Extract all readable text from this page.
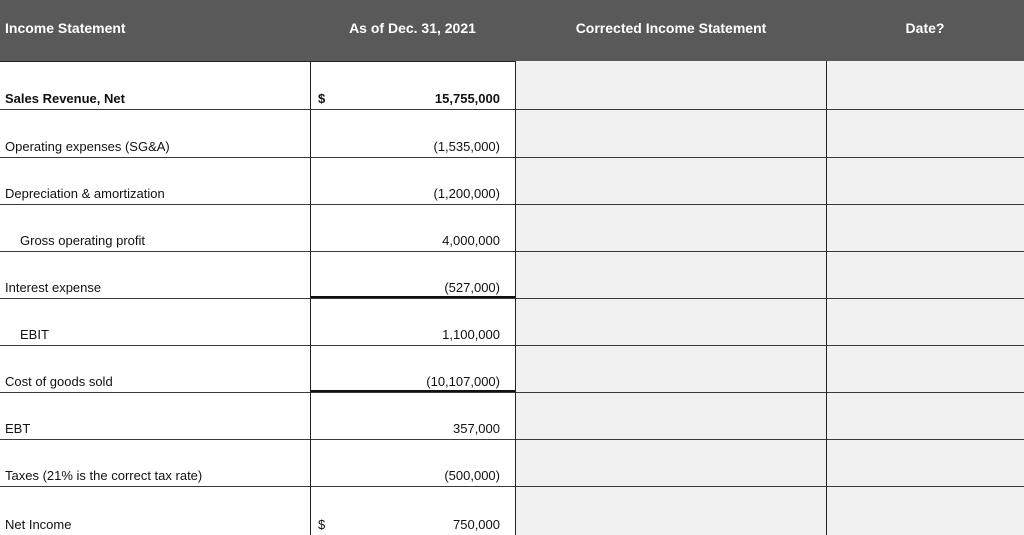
Income Statement	As of Dec. 31, 2021	Corrected Income Statement	Date?
Sales Revenue, Net	$	15,755,000
Operating expenses (SG&A)	(1,535,000)
Depreciation & amortization	(1,200,000)
Gross operating profit	4,000,000
Interest expense	(527,000)
EBIT	1,100,000
Cost of goods sold	(10,107,000)
EBT	357,000
Taxes (21% is the correct tax rate)	(500,000)
Net Income	$	750,000
